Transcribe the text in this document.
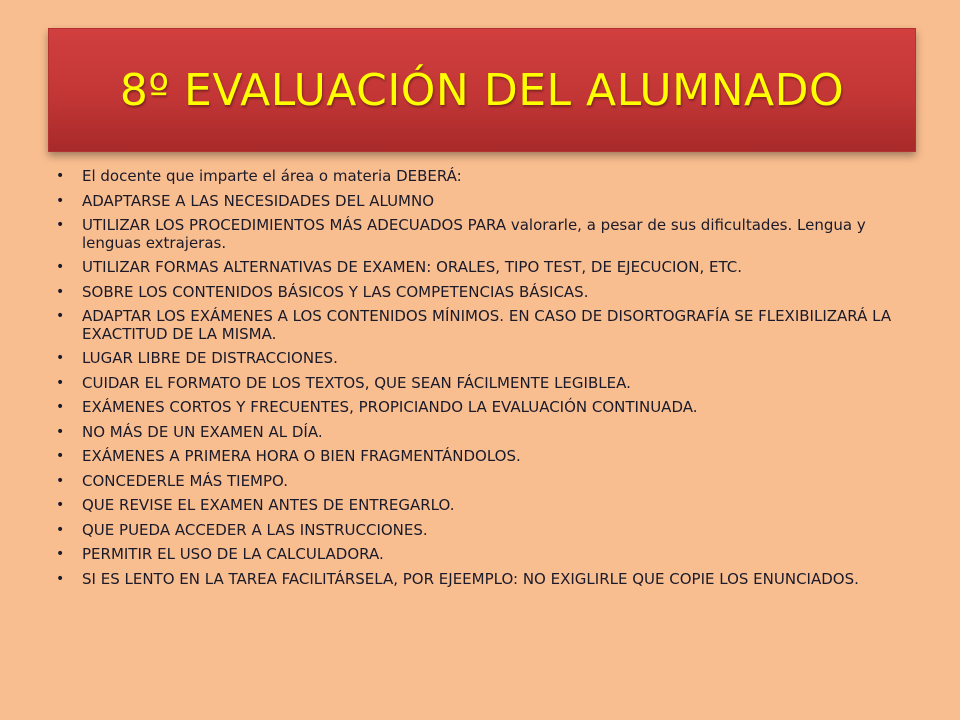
8º EVALUACIÓN DEL ALUMNADO
• El docente que imparte el área o materia DEBERÁ:
• ADAPTARSE A LAS NECESIDADES DEL ALUMNO
• UTILIZAR LOS PROCEDIMIENTOS MÁS ADECUADOS PARA valorarle, a pesar de sus dificultades. Lengua y lenguas extrajeras.
• UTILIZAR FORMAS ALTERNATIVAS DE EXAMEN: ORALES, TIPO TEST, DE EJECUCION, ETC.
• SOBRE LOS CONTENIDOS BÁSICOS Y LAS COMPETENCIAS BÁSICAS.
• ADAPTAR LOS EXÁMENES A LOS CONTENIDOS MÍNIMOS. EN CASO DE DISORTOGRAFÍA SE FLEXIBILIZARÁ LA EXACTITUD DE LA MISMA.
• LUGAR LIBRE DE DISTRACCIONES.
• CUIDAR EL FORMATO DE LOS TEXTOS, QUE SEAN FÁCILMENTE LEGIBLEA.
• EXÁMENES CORTOS Y FRECUENTES, PROPICIANDO LA EVALUACIÓN CONTINUADA.
• NO MÁS DE UN EXAMEN AL DÍA.
• EXÁMENES A PRIMERA HORA O BIEN FRAGMENTÁNDOLOS.
• CONCEDERLE MÁS TIEMPO.
• QUE REVISE EL EXAMEN ANTES DE ENTREGARLO.
• QUE PUEDA ACCEDER A LAS INSTRUCCIONES.
• PERMITIR EL USO DE LA CALCULADORA.
• SI ES LENTO EN LA TAREA FACILITÁRSELA, POR EJEEMPLO: NO EXIGLIRLE QUE COPIE LOS ENUNCIADOS.
